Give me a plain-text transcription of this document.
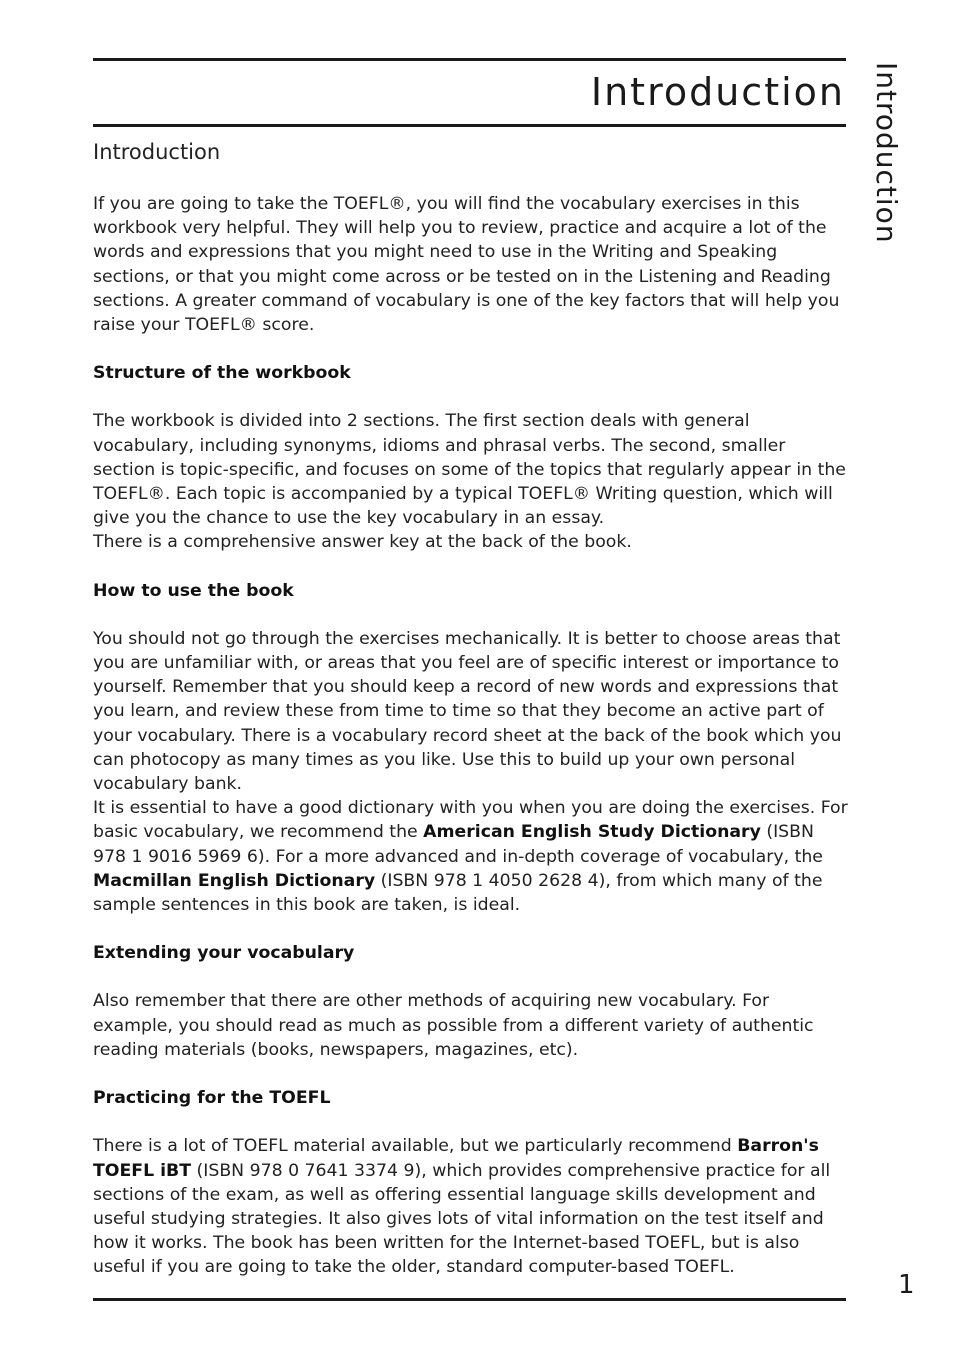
Introduction Introduction
Introduction

If you are going to take the TOEFL®, you will find the vocabulary exercises in this workbook very helpful. They will help you to review, practice and acquire a lot of the words and expressions that you might need to use in the Writing and Speaking sections, or that you might come across or be tested on in the Listening and Reading sections. A greater command of vocabulary is one of the key factors that will help you raise your TOEFL® score.

Structure of the workbook

The workbook is divided into 2 sections. The first section deals with general vocabulary, including synonyms, idioms and phrasal verbs. The second, smaller section is topic-specific, and focuses on some of the topics that regularly appear in the TOEFL®. Each topic is accompanied by a typical TOEFL® Writing question, which will give you the chance to use the key vocabulary in an essay.

There is a comprehensive answer key at the back of the book.

How to use the book

You should not go through the exercises mechanically. It is better to choose areas that you are unfamiliar with, or areas that you feel are of specific interest or importance to yourself. Remember that you should keep a record of new words and expressions that you learn, and review these from time to time so that they become an active part of your vocabulary. There is a vocabulary record sheet at the back of the book which you can photocopy as many times as you like. Use this to build up your own personal vocabulary bank.

It is essential to have a good dictionary with you when you are doing the exercises. For basic vocabulary, we recommend the American English Study Dictionary (ISBN 978 1 9016 5969 6). For a more advanced and in-depth coverage of vocabulary, the Macmillan English Dictionary (ISBN 978 1 4050 2628 4), from which many of the sample sentences in this book are taken, is ideal.

Extending your vocabulary

Also remember that there are other methods of acquiring new vocabulary. For example, you should read as much as possible from a different variety of authentic reading materials (books, newspapers, magazines, etc).

Practicing for the TOEFL

There is a lot of TOEFL material available, but we particularly recommend Barron's TOEFL iBT (ISBN 978 0 7641 3374 9), which provides comprehensive practice for all sections of the exam, as well as offering essential language skills development and useful studying strategies. It also gives lots of vital information on the test itself and how it works. The book has been written for the Internet-based TOEFL, but is also useful if you are going to take the older, standard computer-based TOEFL.

1
